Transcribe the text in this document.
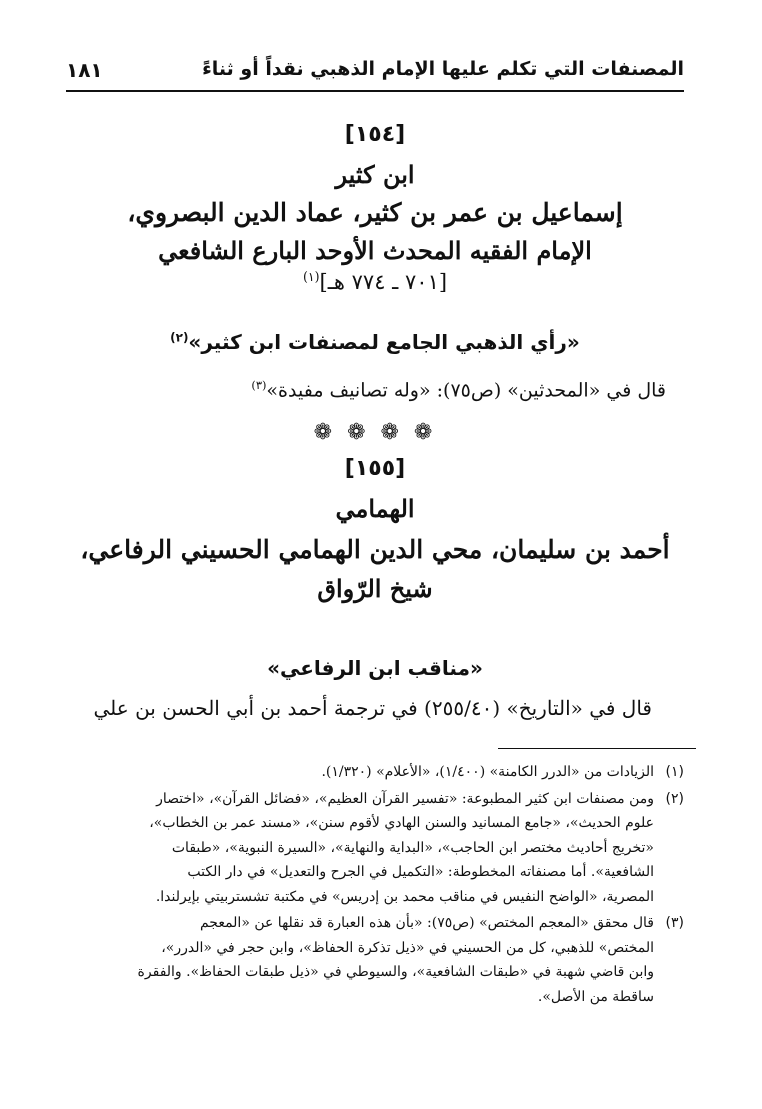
المصنفات التي تكلم عليها الإمام الذهبي نقداً أو ثناءً
١٨١
[١٥٤]
ابن كثير
إسماعيل بن عمر بن كثير، عماد الدين البصروي،
الإمام الفقيه المحدث الأوحد البارع الشافعي
[٧٠١ ـ ٧٧٤ هـ]$^{(١)}$
«رأي الذهبي الجامع لمصنفات ابن كثير»$^{(٢)}$
قال في «المحدثين» (ص٧٥): «وله تصانيف مفيدة»$^{(٣)}$
❁ ❁ ❁ ❁
[١٥٥]
الهمامي
أحمد بن سليمان، محي الدين الهمامي الحسيني الرفاعي،
شيخ الرّواق
«مناقب ابن الرفاعي»
قال في «التاريخ» (٢٥٥/٤٠) في ترجمة أحمد بن أبي الحسن بن علي
(١)
الزيادات من «الدرر الكامنة» (١/٤٠٠)، «الأعلام» (١/٣٢٠).
(٢)
ومن مصنفات ابن كثير المطبوعة: «تفسير القرآن العظيم»، «فضائل القرآن»، «اختصار
علوم الحديث»، «جامع المسانيد والسنن الهادي لأقوم سنن»، «مسند عمر بن الخطاب»،
«تخريج أحاديث مختصر ابن الحاجب»، «البداية والنهاية»، «السيرة النبوية»، «طبقات
الشافعية». أما مصنفاته المخطوطة: «التكميل في الجرح والتعديل» في دار الكتب
المصرية، «الواضح النفيس في مناقب محمد بن إدريس» في مكتبة تشستربيتي بإيرلندا.
(٣)
قال محقق «المعجم المختص» (ص٧٥): «بأن هذه العبارة قد نقلها عن «المعجم
المختص» للذهبي، كل من الحسيني في «ذيل تذكرة الحفاظ»، وابن حجر في «الدرر»،
وابن قاضي شهبة في «طبقات الشافعية»، والسيوطي في «ذيل طبقات الحفاظ». والفقرة
ساقطة من الأصل».
